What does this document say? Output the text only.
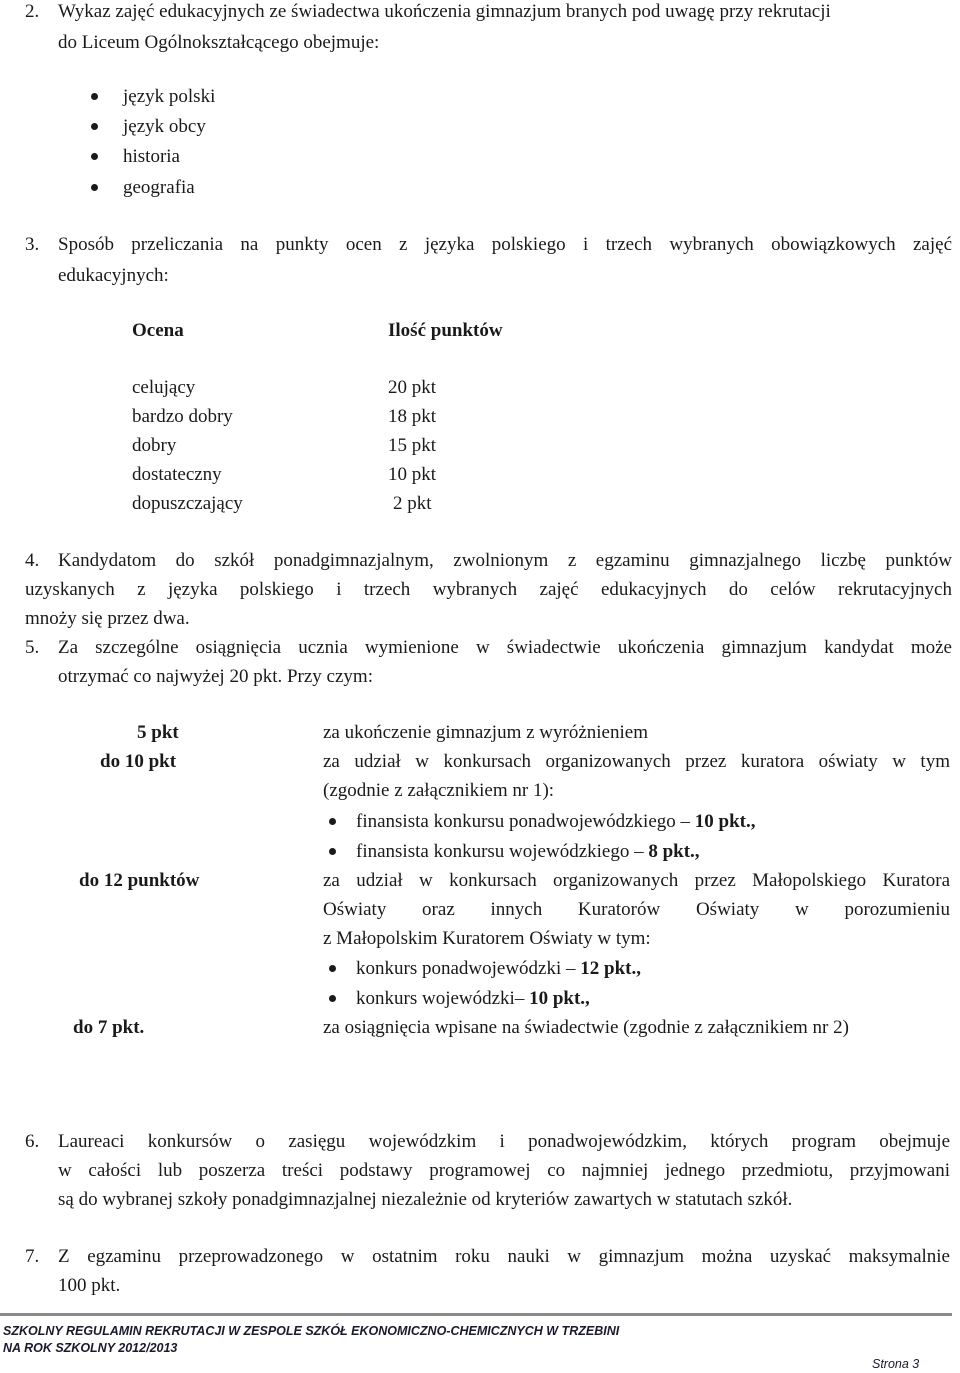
2. Wykaz zajęć edukacyjnych ze świadectwa ukończenia gimnazjum branych pod uwagę przy rekrutacji
do Liceum Ogólnokształcącego obejmuje:
język polski
język obcy
historia
geografia
3. Sposób przeliczania na punkty ocen z języka polskiego i trzech wybranych obowiązkowych zajęć
edukacyjnych:
Ocena	Ilość punktów
celujący	20 pkt
bardzo dobry	18 pkt
dobry	15 pkt
dostateczny	10 pkt
dopuszczający	2 pkt
4. Kandydatom do szkół ponadgimnazjalnym, zwolnionym z egzaminu gimnazjalnego liczbę punktów
uzyskanych z języka polskiego i trzech wybranych zajęć edukacyjnych do celów rekrutacyjnych
mnoży się przez dwa.
5. Za szczególne osiągnięcia ucznia wymienione w świadectwie ukończenia gimnazjum kandydat może
otrzymać co najwyżej 20 pkt. Przy czym:
5 pkt	za ukończenie gimnazjum z wyróżnieniem
do 10 pkt	za udział w konkursach organizowanych przez kuratora oświaty w tym
(zgodnie z załącznikiem nr 1):
finansista konkursu ponadwojewódzkiego – 10 pkt.,
finansista konkursu wojewódzkiego – 8 pkt.,
do 12 punktów	za udział w konkursach organizowanych przez Małopolskiego Kuratora
Oświaty oraz innych Kuratorów Oświaty w porozumieniu
z Małopolskim Kuratorem Oświaty w tym:
konkurs ponadwojewódzki – 12 pkt.,
konkurs wojewódzki– 10 pkt.,
do 7 pkt.	za osiągnięcia wpisane na świadectwie (zgodnie z załącznikiem nr 2)
6. Laureaci konkursów o zasięgu wojewódzkim i ponadwojewódzkim, których program obejmuje
w całości lub poszerza treści podstawy programowej co najmniej jednego przedmiotu, przyjmowani
są do wybranej szkoły ponadgimnazjalnej niezależnie od kryteriów zawartych w statutach szkół.
7. Z egzaminu przeprowadzonego w ostatnim roku nauki w gimnazjum można uzyskać maksymalnie
100 pkt.
SZKOLNY REGULAMIN REKRUTACJI W ZESPOLE SZKÓŁ EKONOMICZNO-CHEMICZNYCH W TRZEBINI
NA ROK SZKOLNY 2012/2013
Strona 3
